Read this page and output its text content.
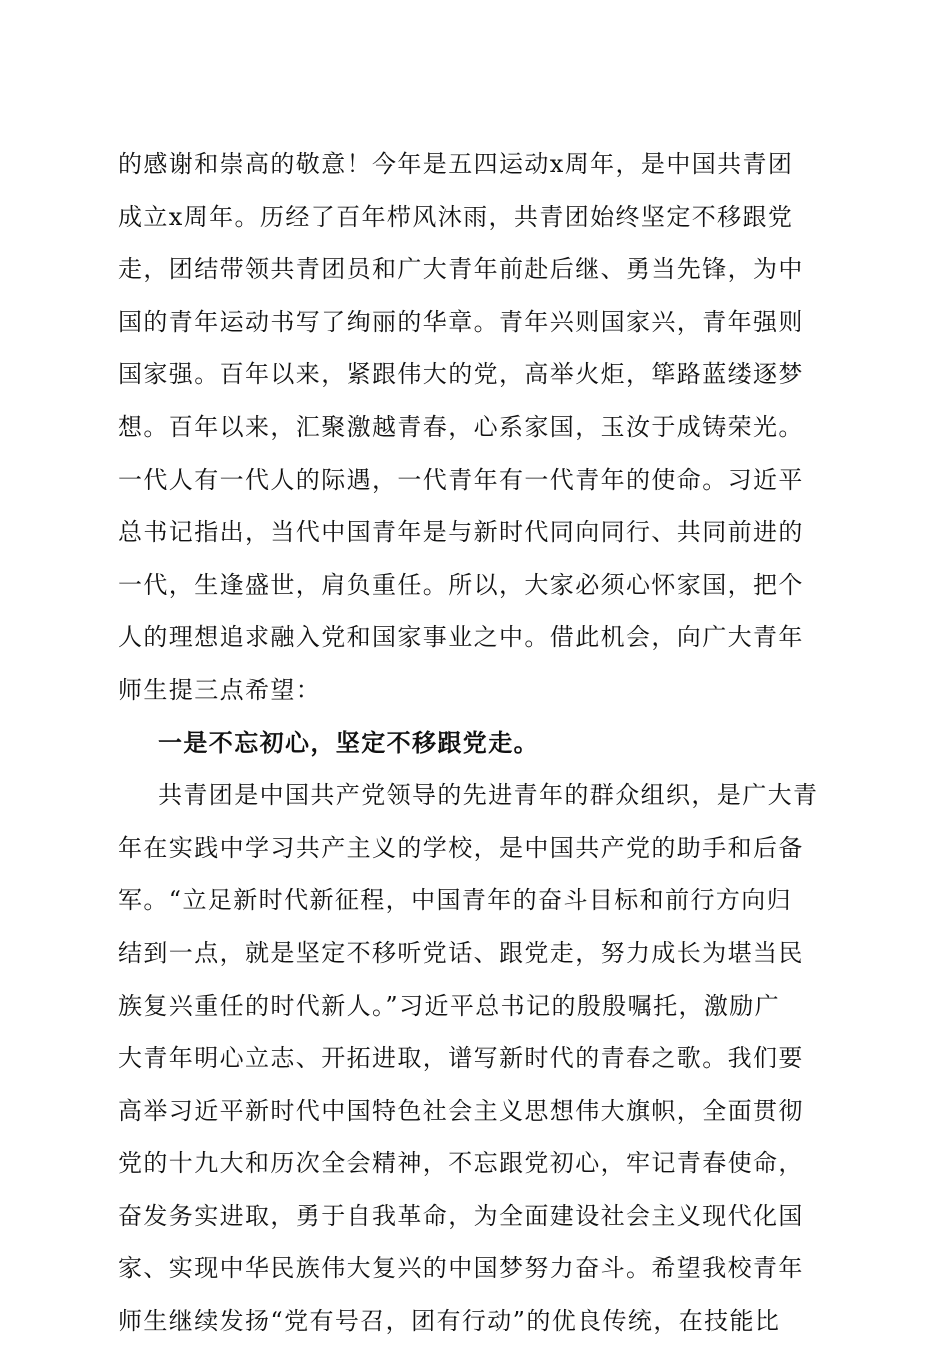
的感谢和崇高的敬意！今年是五四运动x周年，是中国共青团
成立x周年。历经了百年栉风沐雨，共青团始终坚定不移跟党
走，团结带领共青团员和广大青年前赴后继、勇当先锋，为中
国的青年运动书写了绚丽的华章。青年兴则国家兴，青年强则
国家强。百年以来，紧跟伟大的党，高举火炬，筚路蓝缕逐梦
想。百年以来，汇聚激越青春，心系家国，玉汝于成铸荣光。
一代人有一代人的际遇，一代青年有一代青年的使命。习近平
总书记指出，当代中国青年是与新时代同向同行、共同前进的
一代，生逢盛世，肩负重任。所以，大家必须心怀家国，把个
人的理想追求融入党和国家事业之中。借此机会，向广大青年
师生提三点希望：
一是不忘初心，坚定不移跟党走。
共青团是中国共产党领导的先进青年的群众组织，是广大青
年在实践中学习共产主义的学校，是中国共产党的助手和后备
军。“立足新时代新征程，中国青年的奋斗目标和前行方向归
结到一点，就是坚定不移听党话、跟党走，努力成长为堪当民
族复兴重任的时代新人。”习近平总书记的殷殷嘱托，激励广
大青年明心立志、开拓进取，谱写新时代的青春之歌。我们要
高举习近平新时代中国特色社会主义思想伟大旗帜，全面贯彻
党的十九大和历次全会精神，不忘跟党初心，牢记青春使命，
奋发务实进取，勇于自我革命，为全面建设社会主义现代化国
家、实现中华民族伟大复兴的中国梦努力奋斗。希望我校青年
师生继续发扬“党有号召，团有行动”的优良传统，在技能比
